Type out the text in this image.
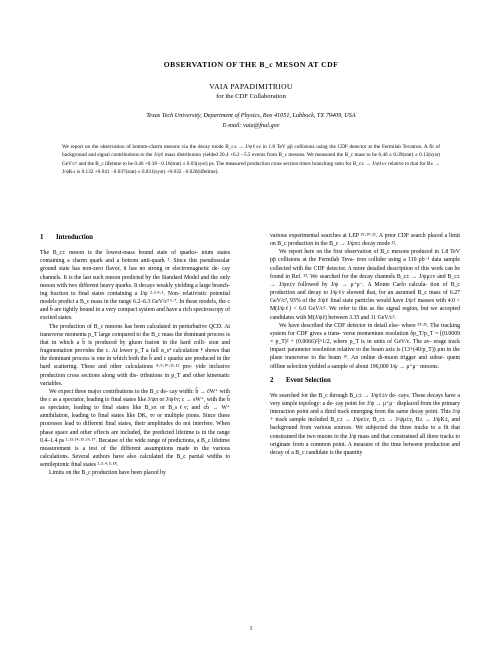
OBSERVATION OF THE B_c MESON AT CDF
VAIA PAPADIMITRIOU
for the CDF Collaboration
Texas Tech University, Department of Physics, Box 41051, Lubbock, TX 79409, USA
E-mail: vaia@fnal.gov
We report on the observation of bottom-charm mesons via the decay mode B_c± → J/ψℓ±ν in 1.8 TeV pp̄ collisions using the CDF detector at the Fermilab Tevatron. A fit of background and signal contributions to the J/ψℓ mass distribution yielded 20.4 +6.2 −5.5 events from B_c mesons. We measured the B_c mass to be 6.40 ± 0.39(stat) ± 0.13(syst) GeV/c² and the B_c lifetime to be 0.46 +0.18 −0.16(stat) ± 0.03(syst) ps. The measured production cross section times branching ratio for B_c± → J/ψℓ±ν relative to that for B± → J/ψK± is 0.132 +0.041 −0.037(stat) ± 0.031(syst) +0.032 −0.020(lifetime).
1 Introduction

The B_c± meson is the lowest-mass bound state of quarko- nium states containing a charm quark and a bottom anti-quark ¹. Since this pseudoscalar ground state has non-zero flavor, it has no strong or electromagnetic de- cay channels. It is the last such meson predicted by the Standard Model and the only meson with two different heavy quarks. It decays weakly yielding a large branch- ing fraction to final states containing a J/ψ ²·³·⁴·⁵. Non- relativistic potential models predict a B_c mass in the range 6.2–6.3 GeV/c² ⁶·⁷. In these models, the c and b̄ are tightly bound in a very compact system and have a rich spectroscopy of excited states.

The production of B_c mesons has been calculated in perturbative QCD. At transverse momenta p_T large compared to the B_c mass the dominant process is that in which a b̄ is produced by gluon fusion in the hard colli- sion and fragmentation provides the c. At lower p_T a full α_s⁴ calculation ⁸ shows that the dominant process is one in which both the b̄ and c quarks are produced in the hard scattering. These and other calculations ⁸·⁹·¹⁰·¹¹·¹² pro- vide inclusive production cross sections along with dis- tributions in p_T and other kinematic variables.

We expect three major contributions to the B_c de- cay width: b̄ → c̄W⁺ with the c as a spectator, leading to final states like J/ψπ or J/ψℓν; c → sW⁺, with the b̄ as spectator, leading to final states like B_sπ or B_sℓν; and cb̄ → W⁺ annihilation, leading to final states like DK, τν or multiple pions. Since these processes lead to different final states, their amplitudes do not interfere. When phase space and other effects are included, the predicted lifetime is in the range 0.4–1.4 ps ²·¹³·¹⁴·¹⁵·¹⁶·¹⁷. Because of the wide range of predictions, a B_c lifetime measurement is a test of the different assumptions made in the various calculations. Several authors have also calculated the B_c partial widths to semileptonic final states ²·³·⁴·⁵·¹⁸.

Limits on the B_c production have been placed by

various experimental searches at LEP ¹⁹·²⁰·²¹. A prior CDF search placed a limit on B_c production in the B_c → J/ψπ± decay mode ²².

We report here on the first observation of B_c mesons produced in 1.8 TeV pp̄ collisions at the Fermilab Teva- tron collider using a 110 pb⁻¹ data sample collected with the CDF detector. A more detailed description of this work can be found in Ref. ²³. We searched for the decay channels B_c± → J/ψμ±ν and B_c± → J/ψe±ν followed by J/ψ → μ⁺μ⁻. A Monte Carlo calcula- tion of B_c production and decay to J/ψℓν showed that, for an assumed B_c mass of 6.27 GeV/c², 93% of the J/ψℓ final state particles would have J/ψℓ masses with 4.0 < M(J/ψℓ) < 6.0 GeV/c². We refer to this as the signal region, but we accepted candidates with M(J/ψℓ) between 3.35 and 11 GeV/c².

We have described the CDF detector in detail else- where ²⁴·²⁵. The tracking system for CDF gives a trans- verse momentum resolution δp_T/p_T = [(0.0009 × p_T)² + (0.0066)²]^1/2, where p_T is in units of GeV/c. The av- erage track impact parameter resolution relative to the beam axis is (13+(40/p_T)) μm in the plane transverse to the beam ²⁶. An online di-muon trigger and subse- quent offline selection yielded a sample of about 196,000 J/ψ → μ⁺μ⁻ mesons.

2 Event Selection

We searched for the B_c through B_c± → J/ψℓ±ν de- cays. These decays have a very simple topology: a de- cay point for J/ψ → μ⁺μ⁻ displaced from the primary interaction point and a third track emerging from the same decay point. This J/ψ + track sample included B_c± → J/ψe±ν, B_c± → J/ψμ±ν, B± → J/ψK±, and background from various sources. We subjected the three tracks to a fit that constrained the two muons to the J/ψ mass and that constrained all three tracks to originate from a common point. A measure of the time between production and decay of a B_c candidate is the quantity

1
